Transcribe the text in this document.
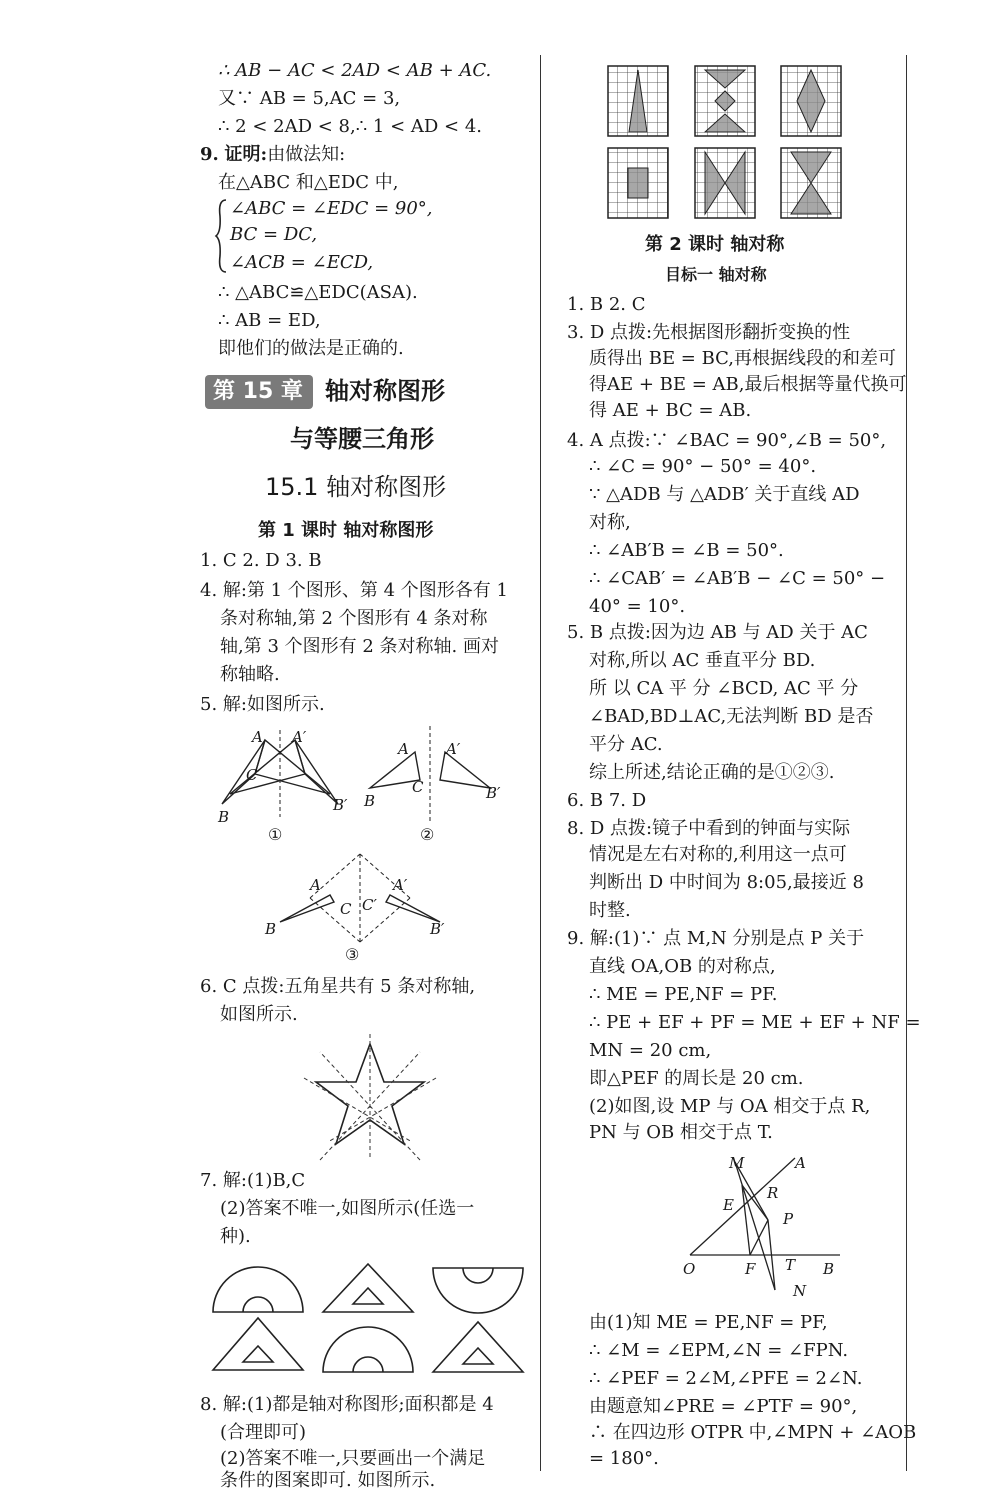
∴ AB − AC < 2AD < AB + AC.
又∵ AB = 5,AC = 3,
∴ 2 < 2AD < 8,∴ 1 < AD < 4.
9. 证明:由做法知:
在△ABC 和△EDC 中,
∠ABC = ∠EDC = 90°,
BC = DC,
∠ACB = ∠ECD,
∴ △ABC≌△EDC(ASA).
∴ AB = ED,
即他们的做法是正确的.
第 15 章 轴对称图形
与等腰三角形
15.1 轴对称图形
第 1 课时 轴对称图形
1. C 2. D 3. B
4. 解:第 1 个图形、第 4 个图形各有 1
条对称轴,第 2 个图形有 4 条对称
轴,第 3 个图形有 2 条对称轴. 画对
称轴略.
5. 解:如图所示.
A A′
C′
B′
B
①
A A′
C
B	B′
②
A	A′
C C′
B	B′
③
6. C 点拨:五角星共有 5 条对称轴,
如图所示.
7. 解:(1)B,C
(2)答案不唯一,如图所示(任选一
种).
8. 解:(1)都是轴对称图形;面积都是 4
(合理即可)
(2)答案不唯一,只要画出一个满足
条件的图案即可. 如图所示.
第 2 课时 轴对称
目标一 轴对称
1. B 2. C
3. D 点拨:先根据图形翻折变换的性
质得出 BE = BC,再根据线段的和差可
得AE + BE = AB,最后根据等量代换可
得 AE + BC = AB.
4. A 点拨:∵ ∠BAC = 90°,∠B = 50°,
∴ ∠C = 90° − 50° = 40°.
∵ △ADB 与 △ADB′ 关于直线 AD
对称,
∴ ∠AB′B = ∠B = 50°.
∴ ∠CAB′ = ∠AB′B − ∠C = 50° −
40° = 10°.
5. B 点拨:因为边 AB 与 AD 关于 AC
对称,所以 AC 垂直平分 BD.
所 以 CA 平 分 ∠BCD, AC 平 分
∠BAD,BD⊥AC,无法判断 BD 是否
平分 AC.
综上所述,结论正确的是①②③.
6. B 7. D
8. D 点拨:镜子中看到的钟面与实际
情况是左右对称的,利用这一点可
判断出 D 中时间为 8:05,最接近 8
时整.
9. 解:(1)∵ 点 M,N 分别是点 P 关于
直线 OA,OB 的对称点,
∴ ME = PE,NF = PF.
∴ PE + EF + PF = ME + EF + NF =
MN = 20 cm,
即△PEF 的周长是 20 cm.
(2)如图,设 MP 与 OA 相交于点 R,
PN 与 OB 相交于点 T.
M	A
R
E
P
O	F T B
N
由(1)知 ME = PE,NF = PF,
∴ ∠M = ∠EPM,∠N = ∠FPN.
∴ ∠PEF = 2∠M,∠PFE = 2∠N.
由题意知∠PRE = ∠PTF = 90°,
∴ 在四边形 OTPR 中,∠MPN + ∠AOB
= 180°.
